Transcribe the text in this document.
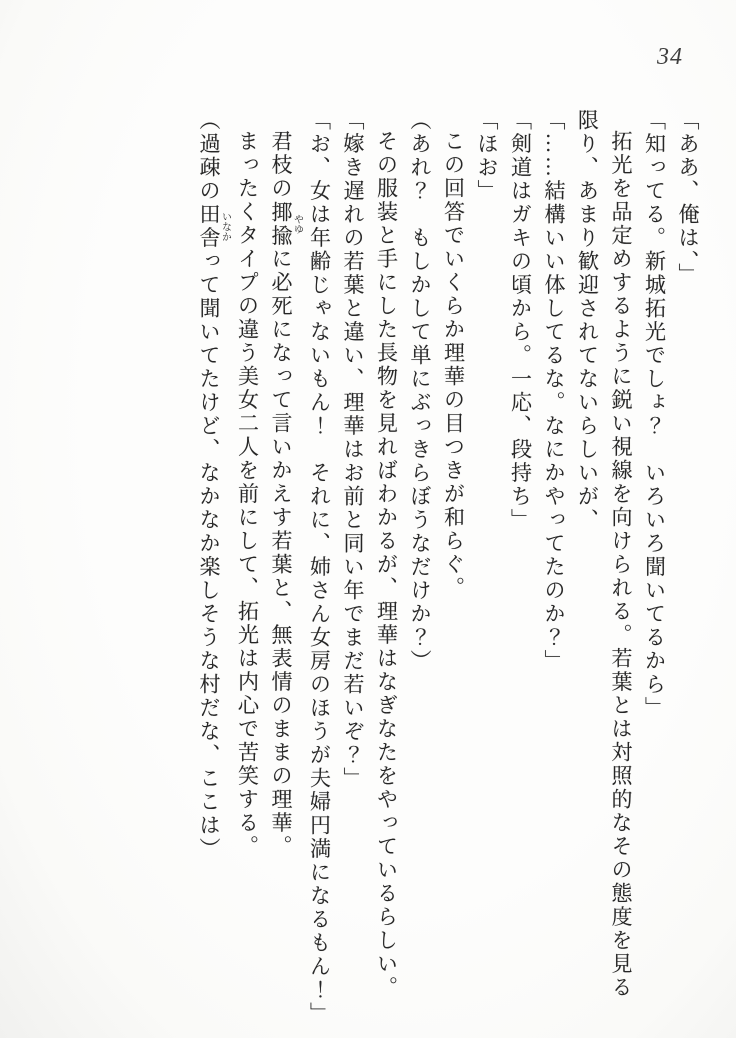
34

「ああ、俺は、」

「知ってる。新城拓光でしょ？　いろいろ聞いてるから」

拓光を品定めするように鋭い視線を向けられる。若葉とは対照的なその態度を見る

限り、あまり歓迎されてないらしいが、

「……結構いい体してるな。なにかやってたのか？」

「剣道はガキの頃から。一応、段持ち」

「ほお」

この回答でいくらか理華の目つきが和らぐ。

（あれ？　もしかして単にぶっきらぼうなだけか？）

その服装と手にした長物を見ればわかるが、理華はなぎなたをやっているらしい。

「嫁き遅れの若葉と違い、理華はお前と同い年でまだ若いぞ？」

「お、女は年齢じゃないもん！　それに、姉さん女房のほうが夫婦円満になるもん！」

君枝の揶揄やゆに必死になって言いかえす若葉と、無表情のままの理華。

まったくタイプの違う美女二人を前にして、拓光は内心で苦笑する。

（過疎の田舎いなかって聞いてたけど、なかなか楽しそうな村だな、ここは）
